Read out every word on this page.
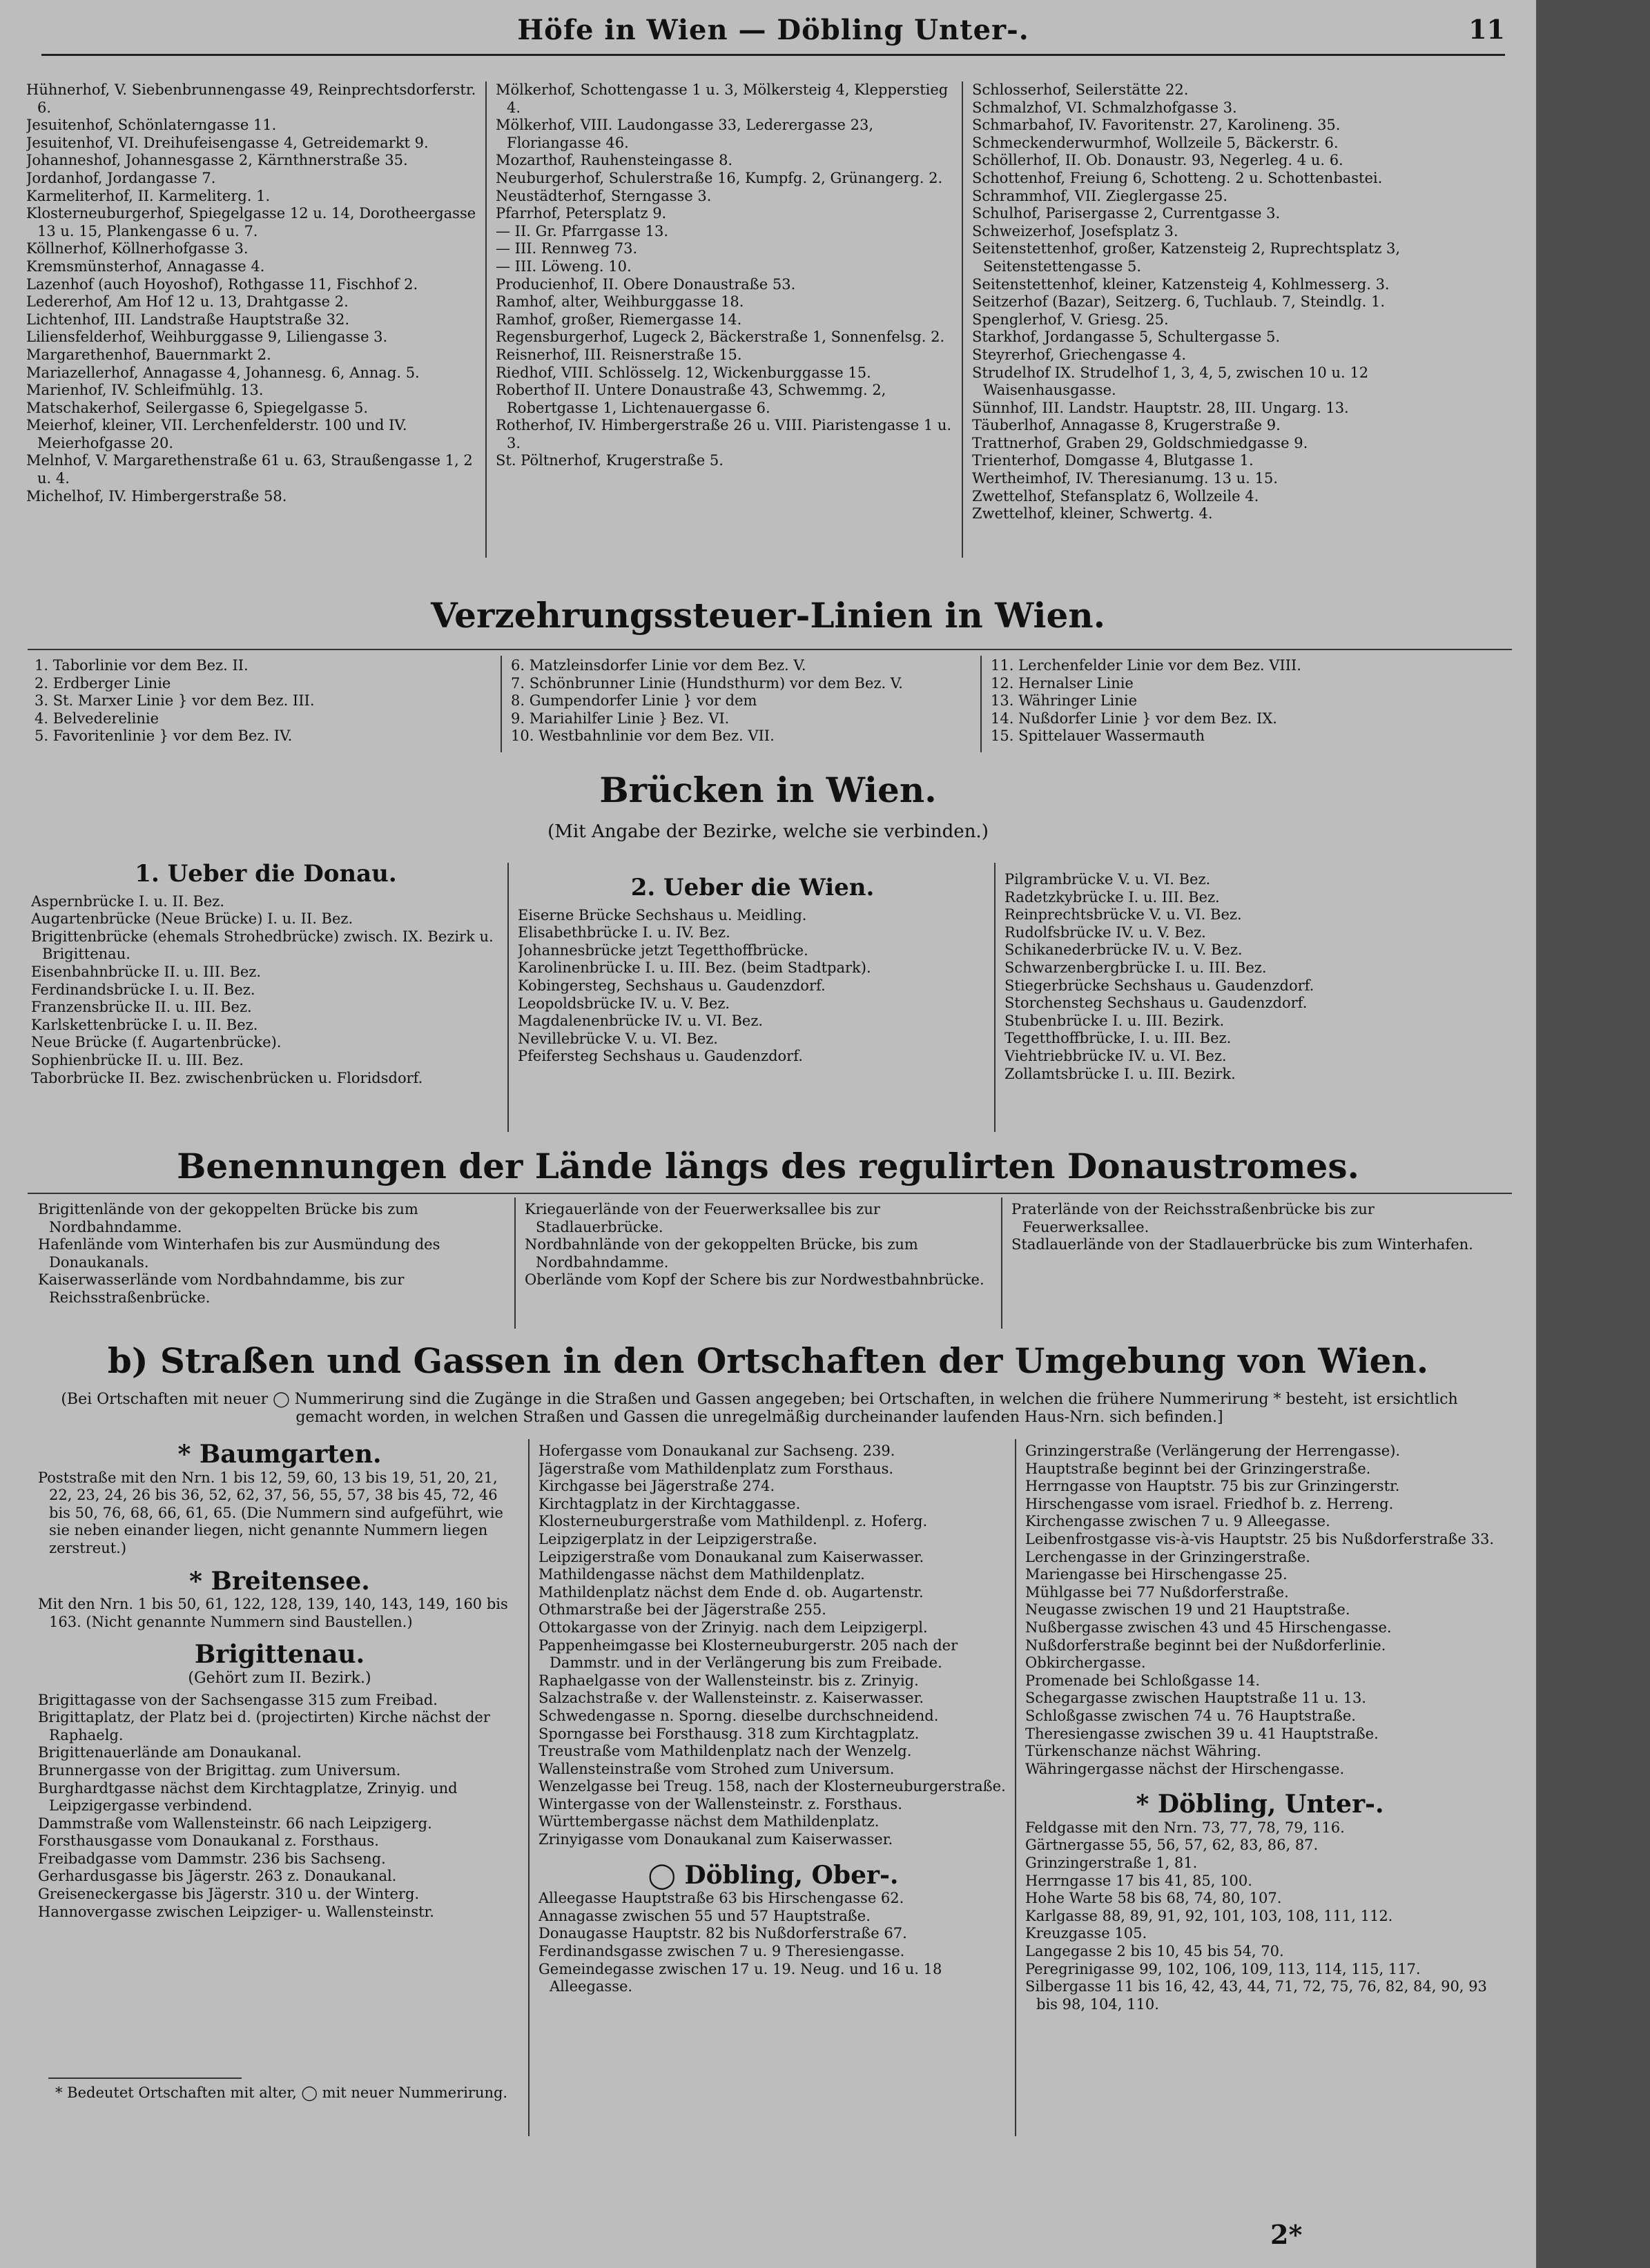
Höfe in Wien — Döbling Unter-.	11

Hühnerhof, V. Siebenbrunnengasse 49, Reinprechtsdorferstr. 6.

Jesuitenhof, Schönlaterngasse 11.

Jesuitenhof, VI. Dreihufeisengasse 4, Getreidemarkt 9.

Johanneshof, Johannesgasse 2, Kärnthnerstraße 35.

Jordanhof, Jordangasse 7.

Karmeliterhof, II. Karmeliterg. 1.

Klosterneuburgerhof, Spiegelgasse 12 u. 14, Dorotheergasse 13 u. 15, Plankengasse 6 u. 7.

Köllnerhof, Köllnerhofgasse 3.

Kremsmünsterhof, Annagasse 4.

Lazenhof (auch Hoyoshof), Rothgasse 11, Fischhof 2.

Ledererhof, Am Hof 12 u. 13, Drahtgasse 2.

Lichtenhof, III. Landstraße Hauptstraße 32.

Liliensfelderhof, Weihburggasse 9, Liliengasse 3.

Margarethenhof, Bauernmarkt 2.

Mariazellerhof, Annagasse 4, Johannesg. 6, Annag. 5.

Marienhof, IV. Schleifmühlg. 13.

Matschakerhof, Seilergasse 6, Spiegelgasse 5.

Meierhof, kleiner, VII. Lerchenfelderstr. 100 und IV. Meierhofgasse 20.

Melnhof, V. Margarethenstraße 61 u. 63, Straußengasse 1, 2 u. 4.

Michelhof, IV. Himbergerstraße 58.

Mölkerhof, Schottengasse 1 u. 3, Mölkersteig 4, Klepperstieg 4.

Mölkerhof, VIII. Laudongasse 33, Lederergasse 23, Floriangasse 46.

Mozarthof, Rauhensteingasse 8.

Neuburgerhof, Schulerstraße 16, Kumpfg. 2, Grünangerg. 2.

Neustädterhof, Sterngasse 3.

Pfarrhof, Petersplatz 9.

— II. Gr. Pfarrgasse 13.

— III. Rennweg 73.

— III. Löweng. 10.

Producienhof, II. Obere Donaustraße 53.

Ramhof, alter, Weihburggasse 18.

Ramhof, großer, Riemergasse 14.

Regensburgerhof, Lugeck 2, Bäckerstraße 1, Sonnenfelsg. 2.

Reisnerhof, III. Reisnerstraße 15.

Riedhof, VIII. Schlösselg. 12, Wickenburggasse 15.

Roberthof II. Untere Donaustraße 43, Schwemmg. 2, Robertgasse 1, Lichtenauergasse 6.

Rotherhof, IV. Himbergerstraße 26 u. VIII. Piaristengasse 1 u. 3.

St. Pöltnerhof, Krugerstraße 5.

Schlosserhof, Seilerstätte 22.

Schmalzhof, VI. Schmalzhofgasse 3.

Schmarbahof, IV. Favoritenstr. 27, Karolineng. 35.

Schmeckenderwurmhof, Wollzeile 5, Bäckerstr. 6.

Schöllerhof, II. Ob. Donaustr. 93, Negerleg. 4 u. 6.

Schottenhof, Freiung 6, Schotteng. 2 u. Schottenbastei.

Schrammhof, VII. Zieglergasse 25.

Schulhof, Parisergasse 2, Currentgasse 3.

Schweizerhof, Josefsplatz 3.

Seitenstettenhof, großer, Katzensteig 2, Ruprechtsplatz 3, Seitenstettengasse 5.

Seitenstettenhof, kleiner, Katzensteig 4, Kohlmesserg. 3.

Seitzerhof (Bazar), Seitzerg. 6, Tuchlaub. 7, Steindlg. 1.

Spenglerhof, V. Griesg. 25.

Starkhof, Jordangasse 5, Schultergasse 5.

Steyrerhof, Griechengasse 4.

Strudelhof IX. Strudelhof 1, 3, 4, 5, zwischen 10 u. 12 Waisenhausgasse.

Sünnhof, III. Landstr. Hauptstr. 28, III. Ungarg. 13.

Täuberlhof, Annagasse 8, Krugerstraße 9.

Trattnerhof, Graben 29, Goldschmiedgasse 9.

Trienterhof, Domgasse 4, Blutgasse 1.

Wertheimhof, IV. Theresianumg. 13 u. 15.

Zwettelhof, Stefansplatz 6, Wollzeile 4.

Zwettelhof, kleiner, Schwertg. 4.

Verzehrungssteuer-Linien in Wien.

1. Taborlinie vor dem Bez. II.

2. Erdberger Linie

3. St. Marxer Linie } vor dem Bez. III.

4. Belvederelinie

5. Favoritenlinie } vor dem Bez. IV.

6. Matzleinsdorfer Linie vor dem Bez. V.

7. Schönbrunner Linie (Hundsthurm) vor dem Bez. V.

8. Gumpendorfer Linie } vor dem

9. Mariahilfer Linie } Bez. VI.

10. Westbahnlinie vor dem Bez. VII.

11. Lerchenfelder Linie vor dem Bez. VIII.

12. Hernalser Linie

13. Währinger Linie

14. Nußdorfer Linie } vor dem Bez. IX.

15. Spittelauer Wassermauth

Brücken in Wien.
(Mit Angabe der Bezirke, welche sie verbinden.)
1. Ueber die Donau.

Aspernbrücke I. u. II. Bez.

Augartenbrücke (Neue Brücke) I. u. II. Bez.

Brigittenbrücke (ehemals Strohedbrücke) zwisch. IX. Bezirk u. Brigittenau.

Eisenbahnbrücke II. u. III. Bez.

Ferdinandsbrücke I. u. II. Bez.

Franzensbrücke II. u. III. Bez.

Karlskettenbrücke I. u. II. Bez.

Neue Brücke (f. Augartenbrücke).

Sophienbrücke II. u. III. Bez.

Taborbrücke II. Bez. zwischenbrücken u. Floridsdorf.

2. Ueber die Wien.

Eiserne Brücke Sechshaus u. Meidling.

Elisabethbrücke I. u. IV. Bez.

Johannesbrücke jetzt Tegetthoffbrücke.

Karolinenbrücke I. u. III. Bez. (beim Stadtpark).

Kobingersteg, Sechshaus u. Gaudenzdorf.

Leopoldsbrücke IV. u. V. Bez.

Magdalenenbrücke IV. u. VI. Bez.

Nevillebrücke V. u. VI. Bez.

Pfeifersteg Sechshaus u. Gaudenzdorf.

Pilgrambrücke V. u. VI. Bez.

Radetzkybrücke I. u. III. Bez.

Reinprechtsbrücke V. u. VI. Bez.

Rudolfsbrücke IV. u. V. Bez.

Schikanederbrücke IV. u. V. Bez.

Schwarzenbergbrücke I. u. III. Bez.

Stiegerbrücke Sechshaus u. Gaudenzdorf.

Storchensteg Sechshaus u. Gaudenzdorf.

Stubenbrücke I. u. III. Bezirk.

Tegetthoffbrücke, I. u. III. Bez.

Viehtriebbrücke IV. u. VI. Bez.

Zollamtsbrücke I. u. III. Bezirk.

Benennungen der Lände längs des regulirten Donaustromes.

Brigittenlände von der gekoppelten Brücke bis zum Nordbahndamme.

Hafenlände vom Winterhafen bis zur Ausmündung des Donaukanals.

Kaiserwasserlände vom Nordbahndamme, bis zur Reichsstraßenbrücke.

Kriegauerlände von der Feuerwerksallee bis zur Stadlauerbrücke.

Nordbahnlände von der gekoppelten Brücke, bis zum Nordbahndamme.

Oberlände vom Kopf der Schere bis zur Nordwestbahnbrücke.

Praterlände von der Reichsstraßenbrücke bis zur Feuerwerksallee.

Stadlauerlände von der Stadlauerbrücke bis zum Winterhafen.

b) Straßen und Gassen in den Ortschaften der Umgebung von Wien.
(Bei Ortschaften mit neuer ◯ Nummerirung sind die Zugänge in die Straßen und Gassen angegeben; bei Ortschaften, in welchen die frühere Nummerirung * besteht, ist ersichtlich gemacht worden, in welchen Straßen und Gassen die unregelmäßig durcheinander laufenden Haus-Nrn. sich befinden.]
* Baumgarten.

Poststraße mit den Nrn. 1 bis 12, 59, 60, 13 bis 19, 51, 20, 21, 22, 23, 24, 26 bis 36, 52, 62, 37, 56, 55, 57, 38 bis 45, 72, 46 bis 50, 76, 68, 66, 61, 65. (Die Nummern sind aufgeführt, wie sie neben einander liegen, nicht genannte Nummern liegen zerstreut.)

* Breitensee.

Mit den Nrn. 1 bis 50, 61, 122, 128, 139, 140, 143, 149, 160 bis 163. (Nicht genannte Nummern sind Baustellen.)

Brigittenau.
(Gehört zum II. Bezirk.)

Brigittagasse von der Sachsengasse 315 zum Freibad.

Brigittaplatz, der Platz bei d. (projectirten) Kirche nächst der Raphaelg.

Brigittenauerlände am Donaukanal.

Brunnergasse von der Brigittag. zum Universum.

Burghardtgasse nächst dem Kirchtagplatze, Zrinyig. und Leipzigergasse verbindend.

Dammstraße vom Wallensteinstr. 66 nach Leipzigerg.

Forsthausgasse vom Donaukanal z. Forsthaus.

Freibadgasse vom Dammstr. 236 bis Sachseng.

Gerhardusgasse bis Jägerstr. 263 z. Donaukanal.

Greiseneckergasse bis Jägerstr. 310 u. der Winterg.

Hannovergasse zwischen Leipziger- u. Wallensteinstr.

* Bedeutet Ortschaften mit alter, ◯ mit neuer Nummerirung.

Hofergasse vom Donaukanal zur Sachseng. 239.

Jägerstraße vom Mathildenplatz zum Forsthaus.

Kirchgasse bei Jägerstraße 274.

Kirchtagplatz in der Kirchtaggasse.

Klosterneuburgerstraße vom Mathildenpl. z. Hoferg.

Leipzigerplatz in der Leipzigerstraße.

Leipzigerstraße vom Donaukanal zum Kaiserwasser.

Mathildengasse nächst dem Mathildenplatz.

Mathildenplatz nächst dem Ende d. ob. Augartenstr.

Othmarstraße bei der Jägerstraße 255.

Ottokargasse von der Zrinyig. nach dem Leipzigerpl.

Pappenheimgasse bei Klosterneuburgerstr. 205 nach der Dammstr. und in der Verlängerung bis zum Freibade.

Raphaelgasse von der Wallensteinstr. bis z. Zrinyig.

Salzachstraße v. der Wallensteinstr. z. Kaiserwasser.

Schwedengasse n. Sporng. dieselbe durchschneidend.

Sporngasse bei Forsthausg. 318 zum Kirchtagplatz.

Treustraße vom Mathildenplatz nach der Wenzelg.

Wallensteinstraße vom Strohed zum Universum.

Wenzelgasse bei Treug. 158, nach der Klosterneuburgerstraße.

Wintergasse von der Wallensteinstr. z. Forsthaus.

Württembergasse nächst dem Mathildenplatz.

Zrinyigasse vom Donaukanal zum Kaiserwasser.

◯ Döbling, Ober-.

Alleegasse Hauptstraße 63 bis Hirschengasse 62.

Annagasse zwischen 55 und 57 Hauptstraße.

Donaugasse Hauptstr. 82 bis Nußdorferstraße 67.

Ferdinandsgasse zwischen 7 u. 9 Theresiengasse.

Gemeindegasse zwischen 17 u. 19. Neug. und 16 u. 18 Alleegasse.

Grinzingerstraße (Verlängerung der Herrengasse).

Hauptstraße beginnt bei der Grinzingerstraße.

Herrngasse von Hauptstr. 75 bis zur Grinzingerstr.

Hirschengasse vom israel. Friedhof b. z. Herreng.

Kirchengasse zwischen 7 u. 9 Alleegasse.

Leibenfrostgasse vis-à-vis Hauptstr. 25 bis Nußdorferstraße 33.

Lerchengasse in der Grinzingerstraße.

Mariengasse bei Hirschengasse 25.

Mühlgasse bei 77 Nußdorferstraße.

Neugasse zwischen 19 und 21 Hauptstraße.

Nußbergasse zwischen 43 und 45 Hirschengasse.

Nußdorferstraße beginnt bei der Nußdorferlinie.

Obkirchergasse.

Promenade bei Schloßgasse 14.

Schegargasse zwischen Hauptstraße 11 u. 13.

Schloßgasse zwischen 74 u. 76 Hauptstraße.

Theresiengasse zwischen 39 u. 41 Hauptstraße.

Türkenschanze nächst Währing.

Währingergasse nächst der Hirschengasse.

* Döbling, Unter-.

Feldgasse mit den Nrn. 73, 77, 78, 79, 116.

Gärtnergasse 55, 56, 57, 62, 83, 86, 87.

Grinzingerstraße 1, 81.

Herrngasse 17 bis 41, 85, 100.

Hohe Warte 58 bis 68, 74, 80, 107.

Karlgasse 88, 89, 91, 92, 101, 103, 108, 111, 112.

Kreuzgasse 105.

Langegasse 2 bis 10, 45 bis 54, 70.

Peregrinigasse 99, 102, 106, 109, 113, 114, 115, 117.

Silbergasse 11 bis 16, 42, 43, 44, 71, 72, 75, 76, 82, 84, 90, 93 bis 98, 104, 110.

2*
